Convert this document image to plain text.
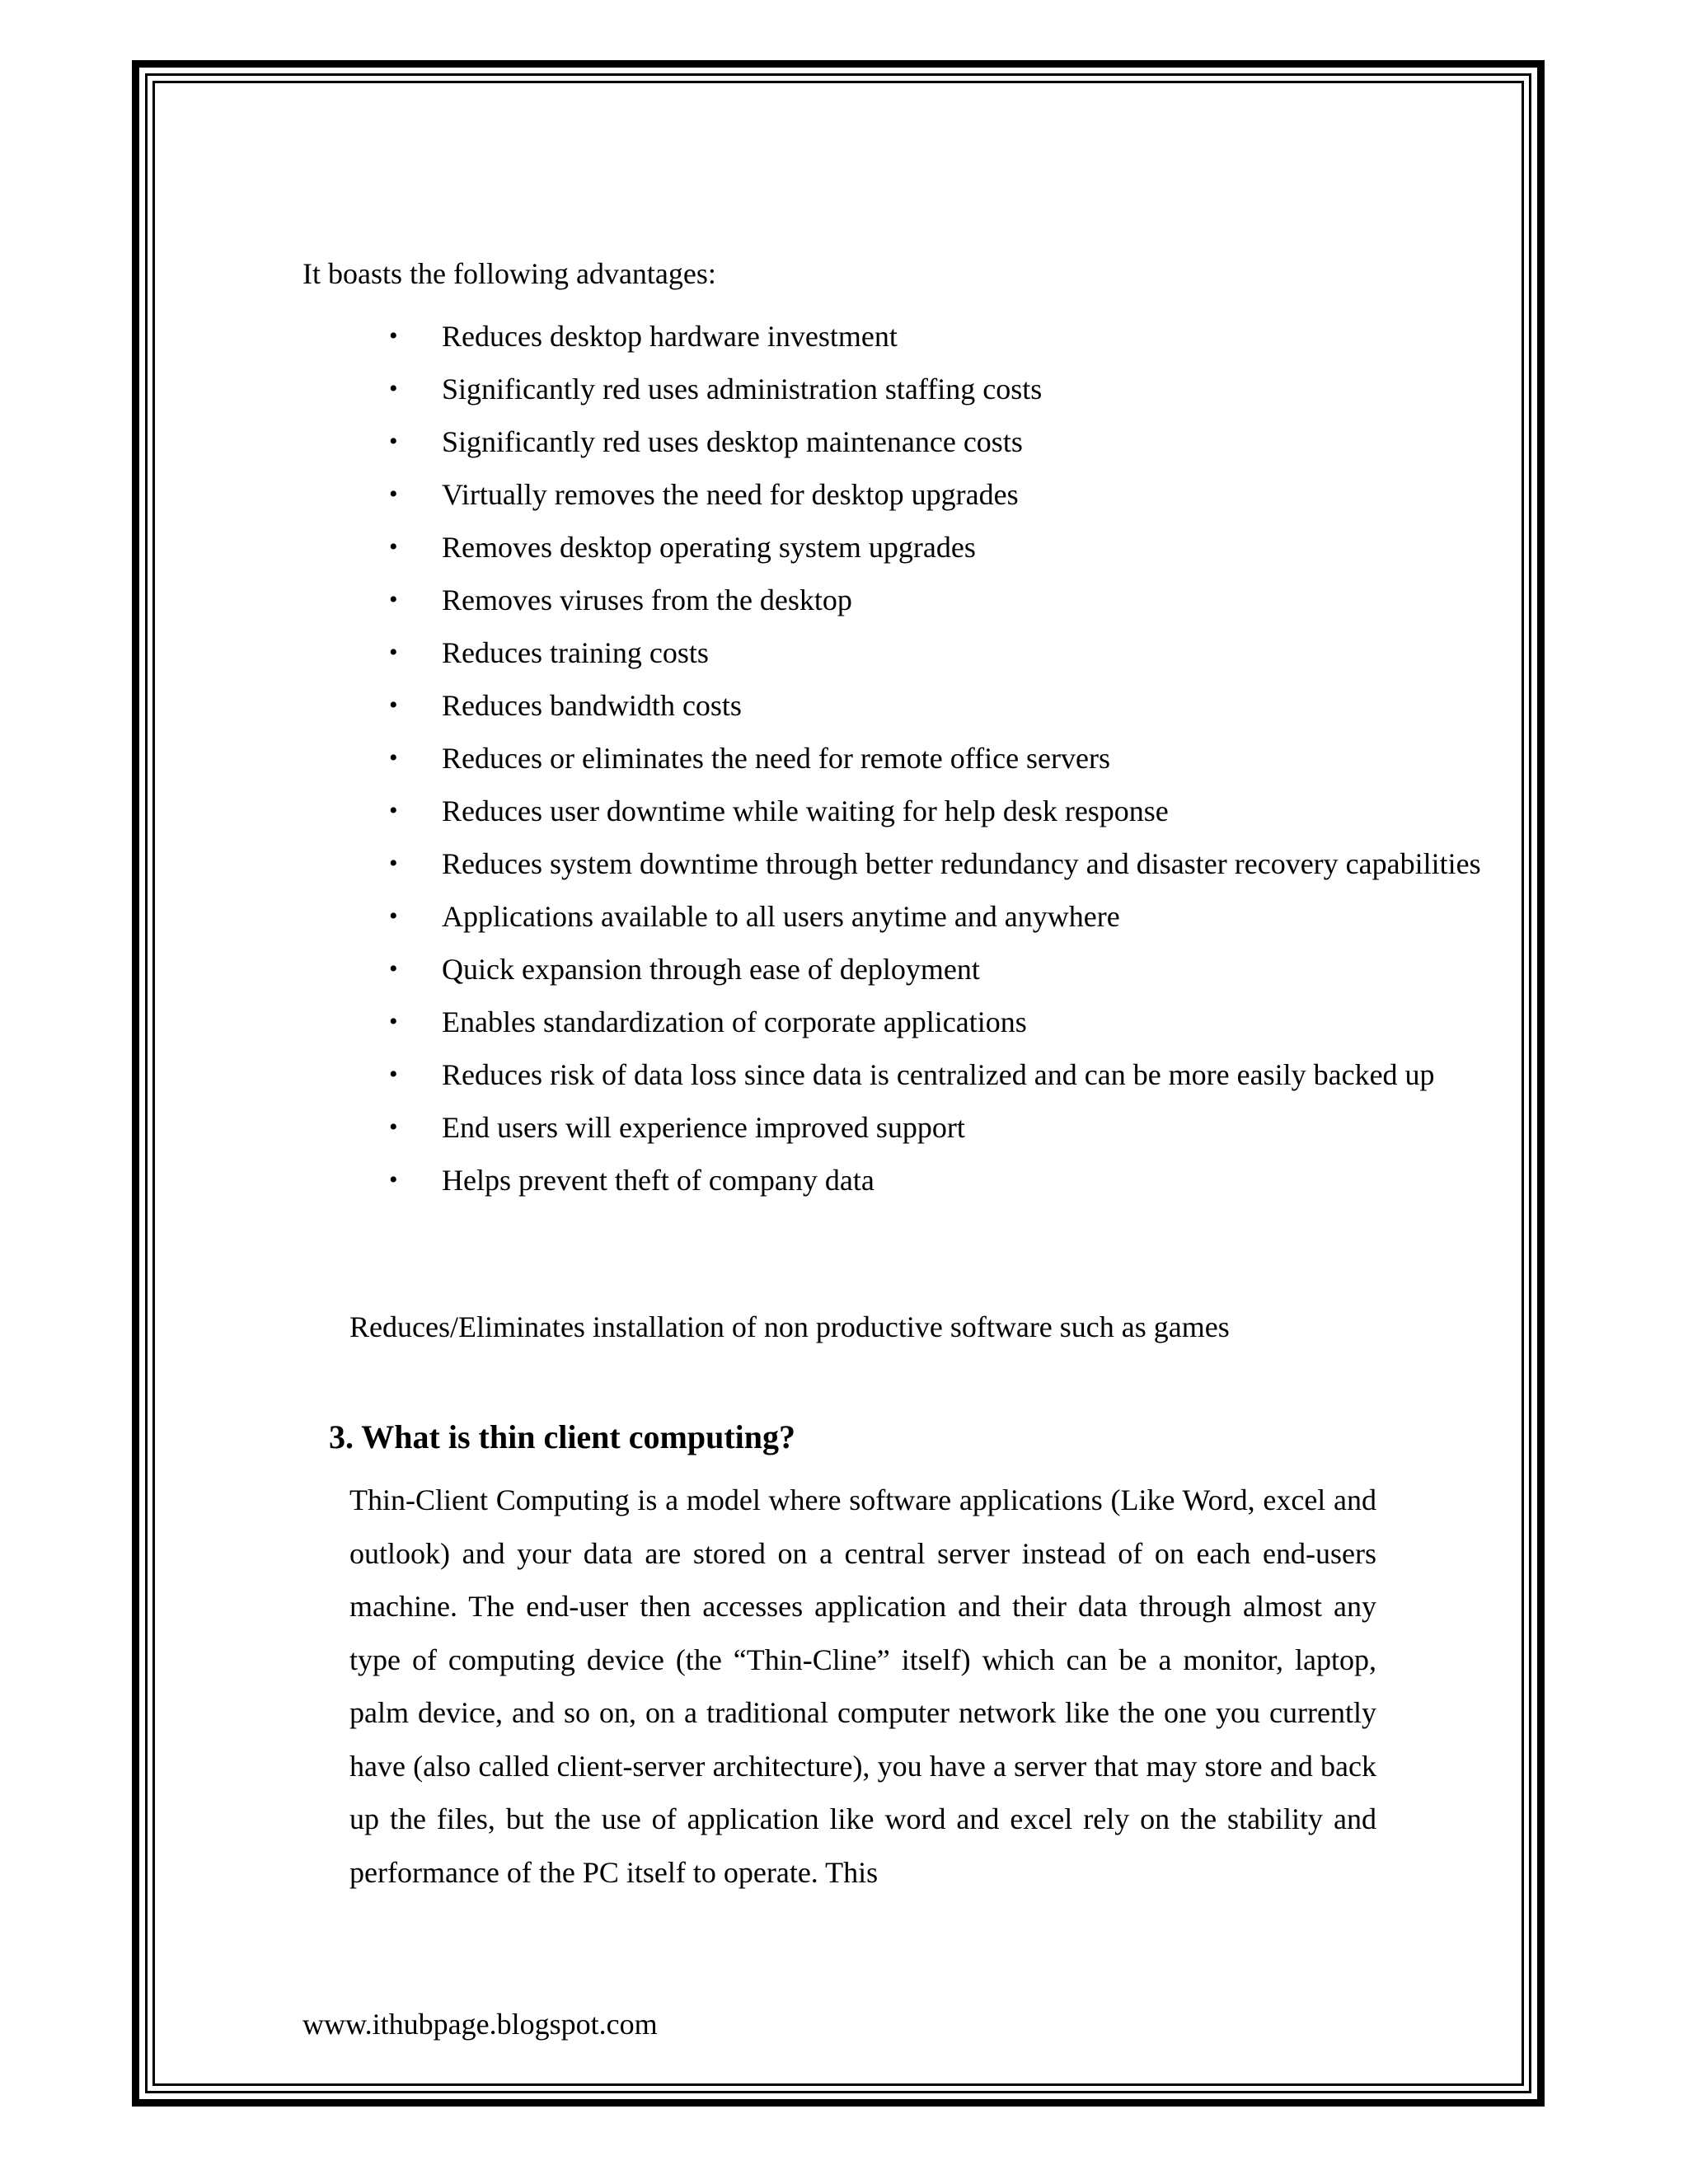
It boasts the following advantages:

• Reduces desktop hardware investment
• Significantly red uses administration staffing costs
• Significantly red uses desktop maintenance costs
• Virtually removes the need for desktop upgrades
• Removes desktop operating system upgrades
• Removes viruses from the desktop
• Reduces training costs
• Reduces bandwidth costs
• Reduces or eliminates the need for remote office servers
• Reduces user downtime while waiting for help desk response
• Reduces system downtime through better redundancy and disaster recovery capabilities
• Applications available to all users anytime and anywhere
• Quick expansion through ease of deployment
• Enables standardization of corporate applications
• Reduces risk of data loss since data is centralized and can be more easily backed up
• End users will experience improved support
• Helps prevent theft of company data

Reduces/Eliminates installation of non productive software such as games

3. What is thin client computing?

Thin-Client Computing is a model where software applications (Like Word, excel and outlook) and your data are stored on a central server instead of on each end-users machine. The end-user then accesses application and their data through almost any type of computing device (the “Thin-Cline” itself) which can be a monitor, laptop, palm device, and so on, on a traditional computer network like the one you currently have (also called client-server architecture), you have a server that may store and back up the files, but the use of application like word and excel rely on the stability and performance of the PC itself to operate. This

www.ithubpage.blogspot.com
